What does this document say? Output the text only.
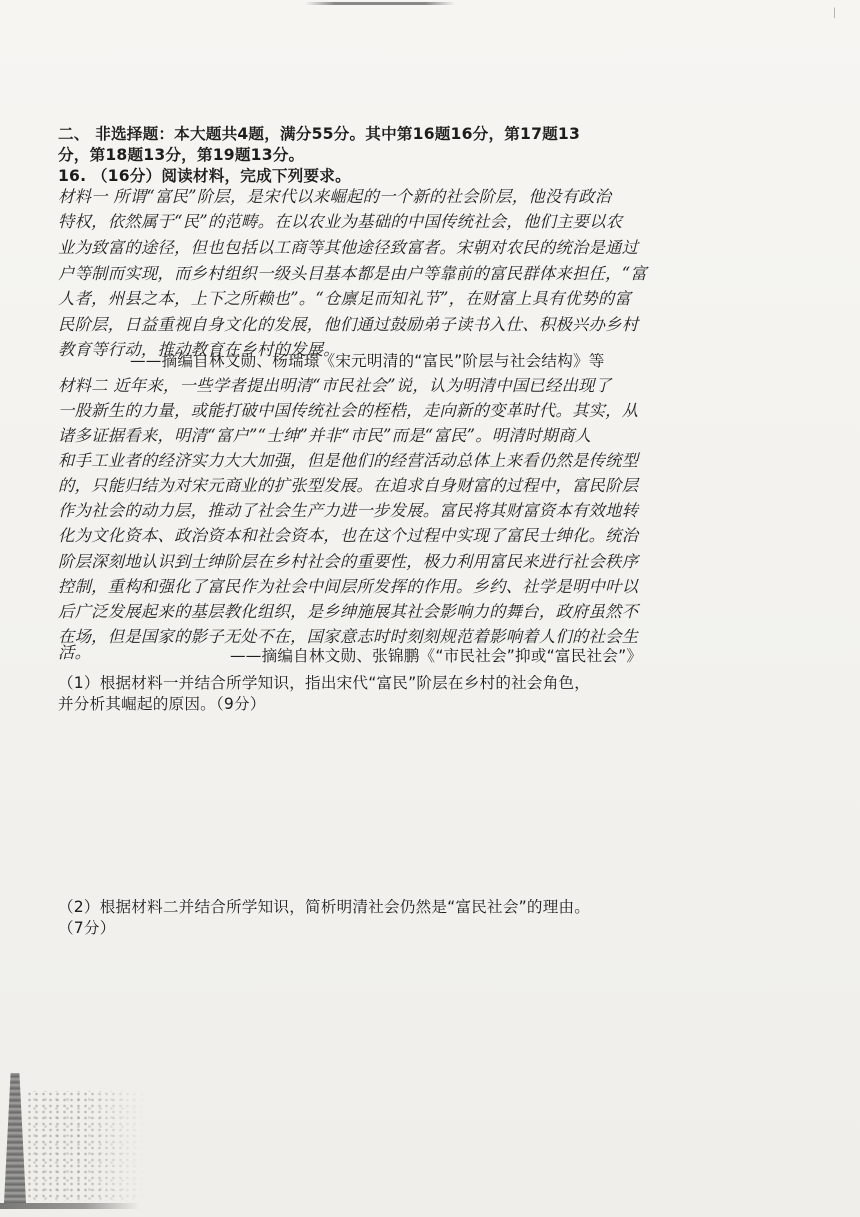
ᛁ
二、 非选择题：本大题共4题，满分55分。其中第16题16分，第17题13
分，第18题13分，第19题13分。
16. （16分）阅读材料，完成下列要求。
材料一 所谓“富民”阶层，是宋代以来崛起的一个新的社会阶层，他没有政治
特权，依然属于“民”的范畴。在以农业为基础的中国传统社会，他们主要以农
业为致富的途径，但也包括以工商等其他途径致富者。宋朝对农民的统治是通过
户等制而实现，而乡村组织一级头目基本都是由户等靠前的富民群体来担任，“富
人者，州县之本，上下之所赖也”。“仓廪足而知礼节”，在财富上具有优势的富
民阶层，日益重视自身文化的发展，他们通过鼓励弟子读书入仕、积极兴办乡村
教育等行动，推动教育在乡村的发展。
——摘编自林文勋、杨瑞璟《宋元明清的“富民”阶层与社会结构》等
材料二 近年来，一些学者提出明清“市民社会”说，认为明清中国已经出现了
一股新生的力量，或能打破中国传统社会的桎梏，走向新的变革时代。其实，从
诸多证据看来，明清“富户”“士绅”并非“市民”而是“富民”。明清时期商人
和手工业者的经济实力大大加强，但是他们的经营活动总体上来看仍然是传统型
的，只能归结为对宋元商业的扩张型发展。在追求自身财富的过程中，富民阶层
作为社会的动力层，推动了社会生产力进一步发展。富民将其财富资本有效地转
化为文化资本、政治资本和社会资本，也在这个过程中实现了富民士绅化。统治
阶层深刻地认识到士绅阶层在乡村社会的重要性，极力利用富民来进行社会秩序
控制，重构和强化了富民作为社会中间层所发挥的作用。乡约、社学是明中叶以
后广泛发展起来的基层教化组织，是乡绅施展其社会影响力的舞台，政府虽然不
在场，但是国家的影子无处不在，国家意志时时刻刻规范着影响着人们的社会生
活。	——摘编自林文勋、张锦鹏《“市民社会”抑或“富民社会”》
（1）根据材料一并结合所学知识，指出宋代“富民”阶层在乡村的社会角色，
并分析其崛起的原因。（9分）
（2）根据材料二并结合所学知识，简析明清社会仍然是“富民社会”的理由。
（7分）
